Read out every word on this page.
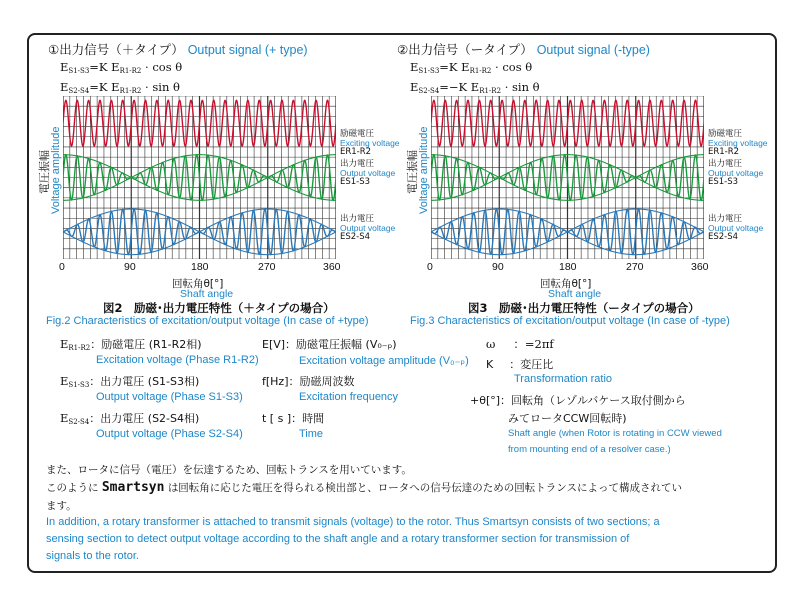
①出力信号（＋タイプ） Output signal (+ type)
$E_{S1-S3}=K$ $E_{R1-R2} \cdot \cos \theta$
$E_{S2-S4}=K$ $E_{R1-R2} \cdot \sin \theta$
電圧振幅 Voltage amplitude	励磁電圧
Exciting voltage
ER1-R2
出力電圧
Output voltage
ES1-S3
出力電圧
Output voltage
ES2-S4
0	90	180	270	360
回転角θ[°]
Shaft angle
図2　励磁･出力電圧特性（＋タイプの場合）
Fig.2 Characteristics of excitation/output voltage (In case of +type)
②出力信号（ータイプ） Output signal (-type)
$E_{S1-S3}=K$ $E_{R1-R2} \cdot \cos \theta$
$E_{S2-S4}=-K$ $E_{R1-R2} \cdot \sin \theta$
電圧振幅 Voltage amplitude	励磁電圧
Exciting voltage
ER1-R2
出力電圧
Output voltage
ES1-S3
出力電圧
Output voltage
ES2-S4
0	90	180	270	360
回転角θ[°]
Shaft angle
図3　励磁･出力電圧特性（ータイプの場合）
Fig.3 Characteristics of excitation/output voltage (In case of -type)
$E_{R1-R2}$：励磁電圧 (R1-R2相)
Excitation voltage (Phase R1-R2)
$E_{S1-S3}$：出力電圧 (S1-S3相)
Output voltage (Phase S1-S3)
$E_{S2-S4}$：出力電圧 (S2-S4相)
Output voltage (Phase S2-S4)
E[V]：励磁電圧振幅 (V₀₋ₚ)
Excitation voltage amplitude (V₀₋ₚ)
f[Hz]：励磁周波数
Excitation frequency
t [ s ]：時間
Time
ω ：=2πf
K ：変圧比
Transformation ratio
+θ[°]：回転角（レゾルバケース取付側から
みてロータCCW回転時)
Shaft angle (when Rotor is rotating in CCW viewed
from mounting end of a resolver case.)
また、ロータに信号（電圧）を伝達するため、回転トランスを用いています。
このように Smartsyn は回転角に応じた電圧を得られる検出部と、ロータへの信号伝達のための回転トランスによって構成されてい
ます。
In addition, a rotary transformer is attached to transmit signals (voltage) to the rotor. Thus Smartsyn consists of two sections; a
sensing section to detect output voltage according to the shaft angle and a rotary transformer section for transmission of
signals to the rotor.
